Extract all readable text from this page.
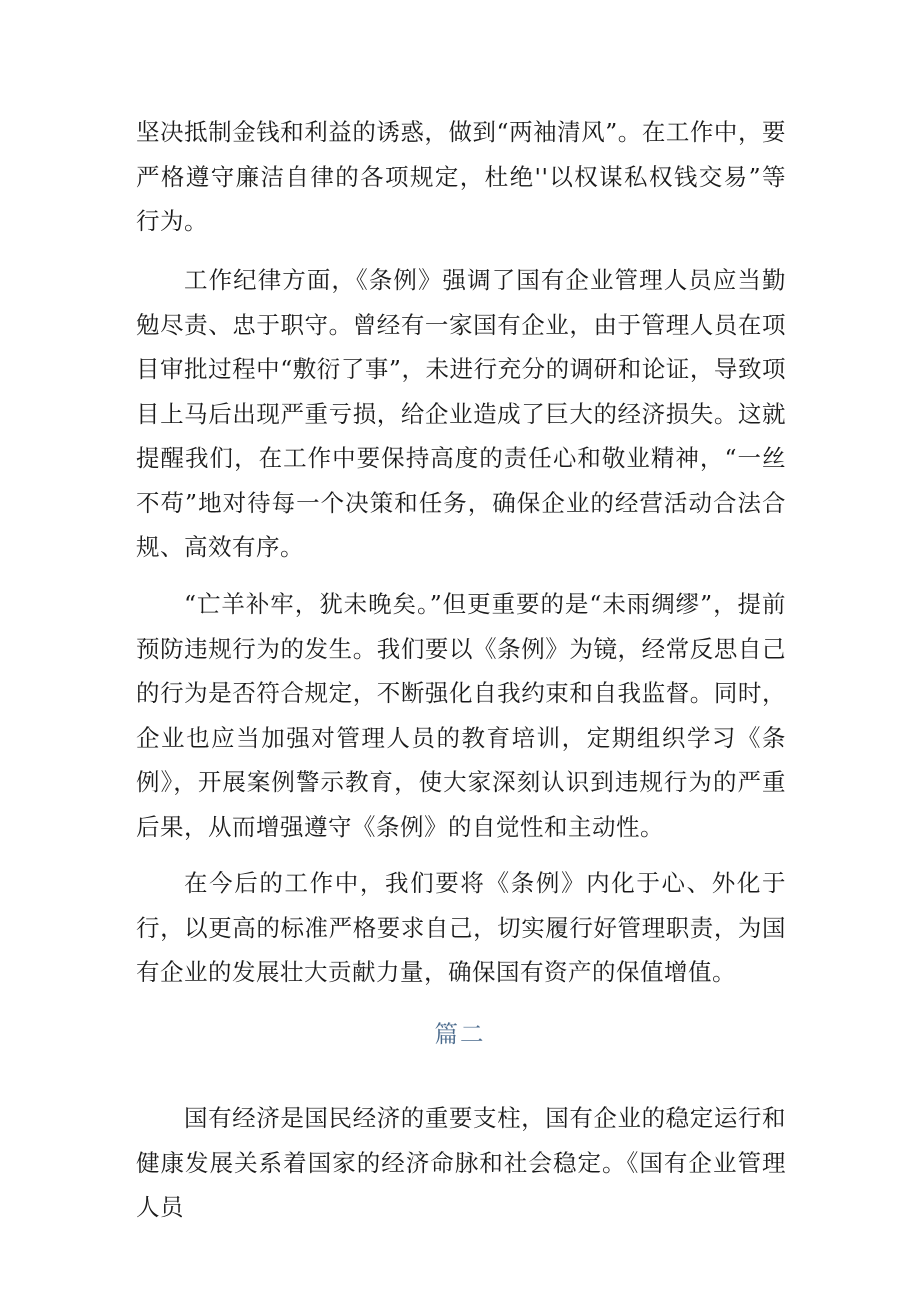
坚决抵制金钱和利益的诱惑，做到“两袖清风”。在工作中，要严格遵守廉洁自律的各项规定，杜绝''以权谋私权钱交易”等行为。

工作纪律方面，《条例》强调了国有企业管理人员应当勤勉尽责、忠于职守。曾经有一家国有企业，由于管理人员在项目审批过程中“敷衍了事”，未进行充分的调研和论证，导致项目上马后出现严重亏损，给企业造成了巨大的经济损失。这就提醒我们，在工作中要保持高度的责任心和敬业精神，“一丝不苟”地对待每一个决策和任务，确保企业的经营活动合法合规、高效有序。

“亡羊补牢，犹未晚矣。”但更重要的是“未雨绸缪”，提前预防违规行为的发生。我们要以《条例》为镜，经常反思自己的行为是否符合规定，不断强化自我约束和自我监督。同时，企业也应当加强对管理人员的教育培训，定期组织学习《条例》，开展案例警示教育，使大家深刻认识到违规行为的严重后果，从而增强遵守《条例》的自觉性和主动性。

在今后的工作中，我们要将《条例》内化于心、外化于行，以更高的标准严格要求自己，切实履行好管理职责，为国有企业的发展壮大贡献力量，确保国有资产的保值增值。

篇二

国有经济是国民经济的重要支柱，国有企业的稳定运行和健康发展关系着国家的经济命脉和社会稳定。《国有企业管理人员
